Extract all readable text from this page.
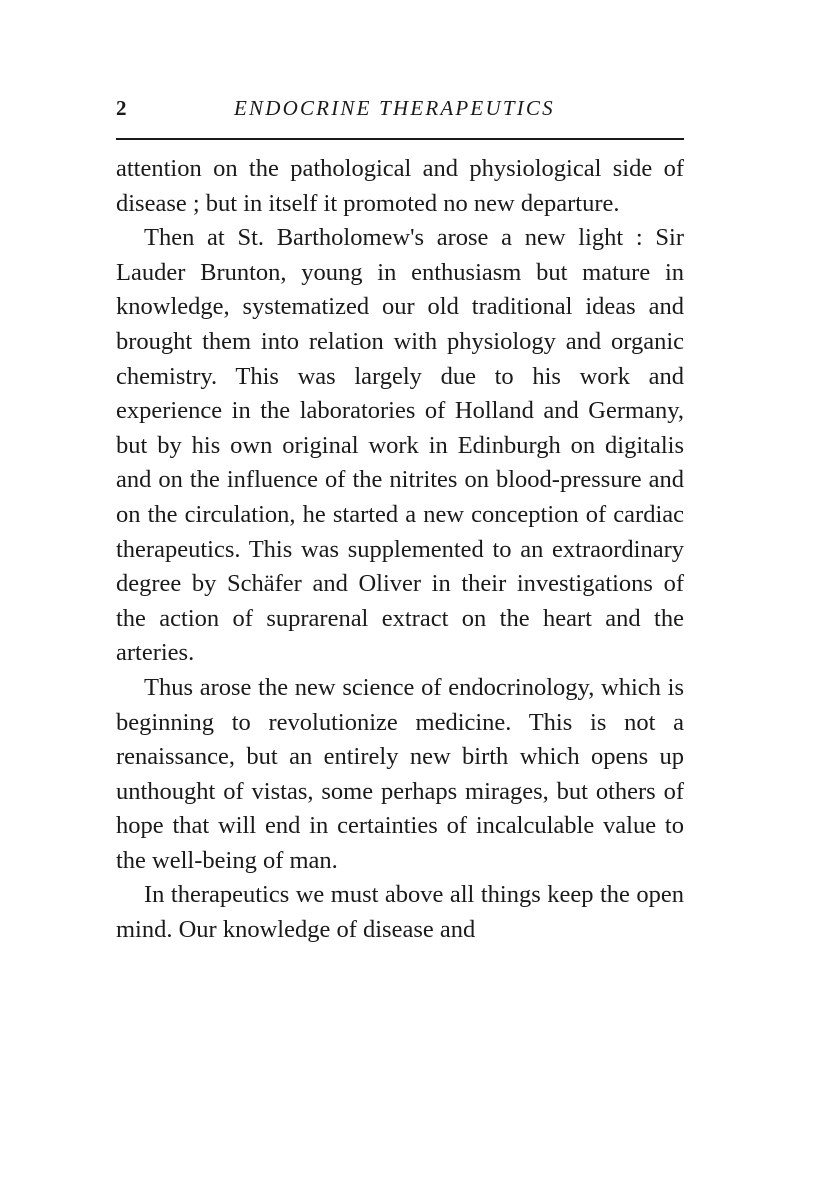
2	ENDOCRINE THERAPEUTICS

attention on the pathological and physiological side of disease ; but in itself it promoted no new departure.

Then at St. Bartholomew's arose a new light : Sir Lauder Brunton, young in enthusiasm but mature in knowledge, systematized our old traditional ideas and brought them into relation with physiology and organic chemistry. This was largely due to his work and experience in the laboratories of Holland and Germany, but by his own original work in Edinburgh on digitalis and on the influence of the nitrites on blood-pressure and on the circulation, he started a new conception of cardiac therapeutics. This was supplemented to an extraordinary degree by Schäfer and Oliver in their investigations of the action of suprarenal extract on the heart and the arteries.

Thus arose the new science of endocrinology, which is beginning to revolutionize medicine. This is not a renaissance, but an entirely new birth which opens up unthought of vistas, some perhaps mirages, but others of hope that will end in certainties of incalculable value to the well-being of man.

In therapeutics we must above all things keep the open mind. Our knowledge of disease and
